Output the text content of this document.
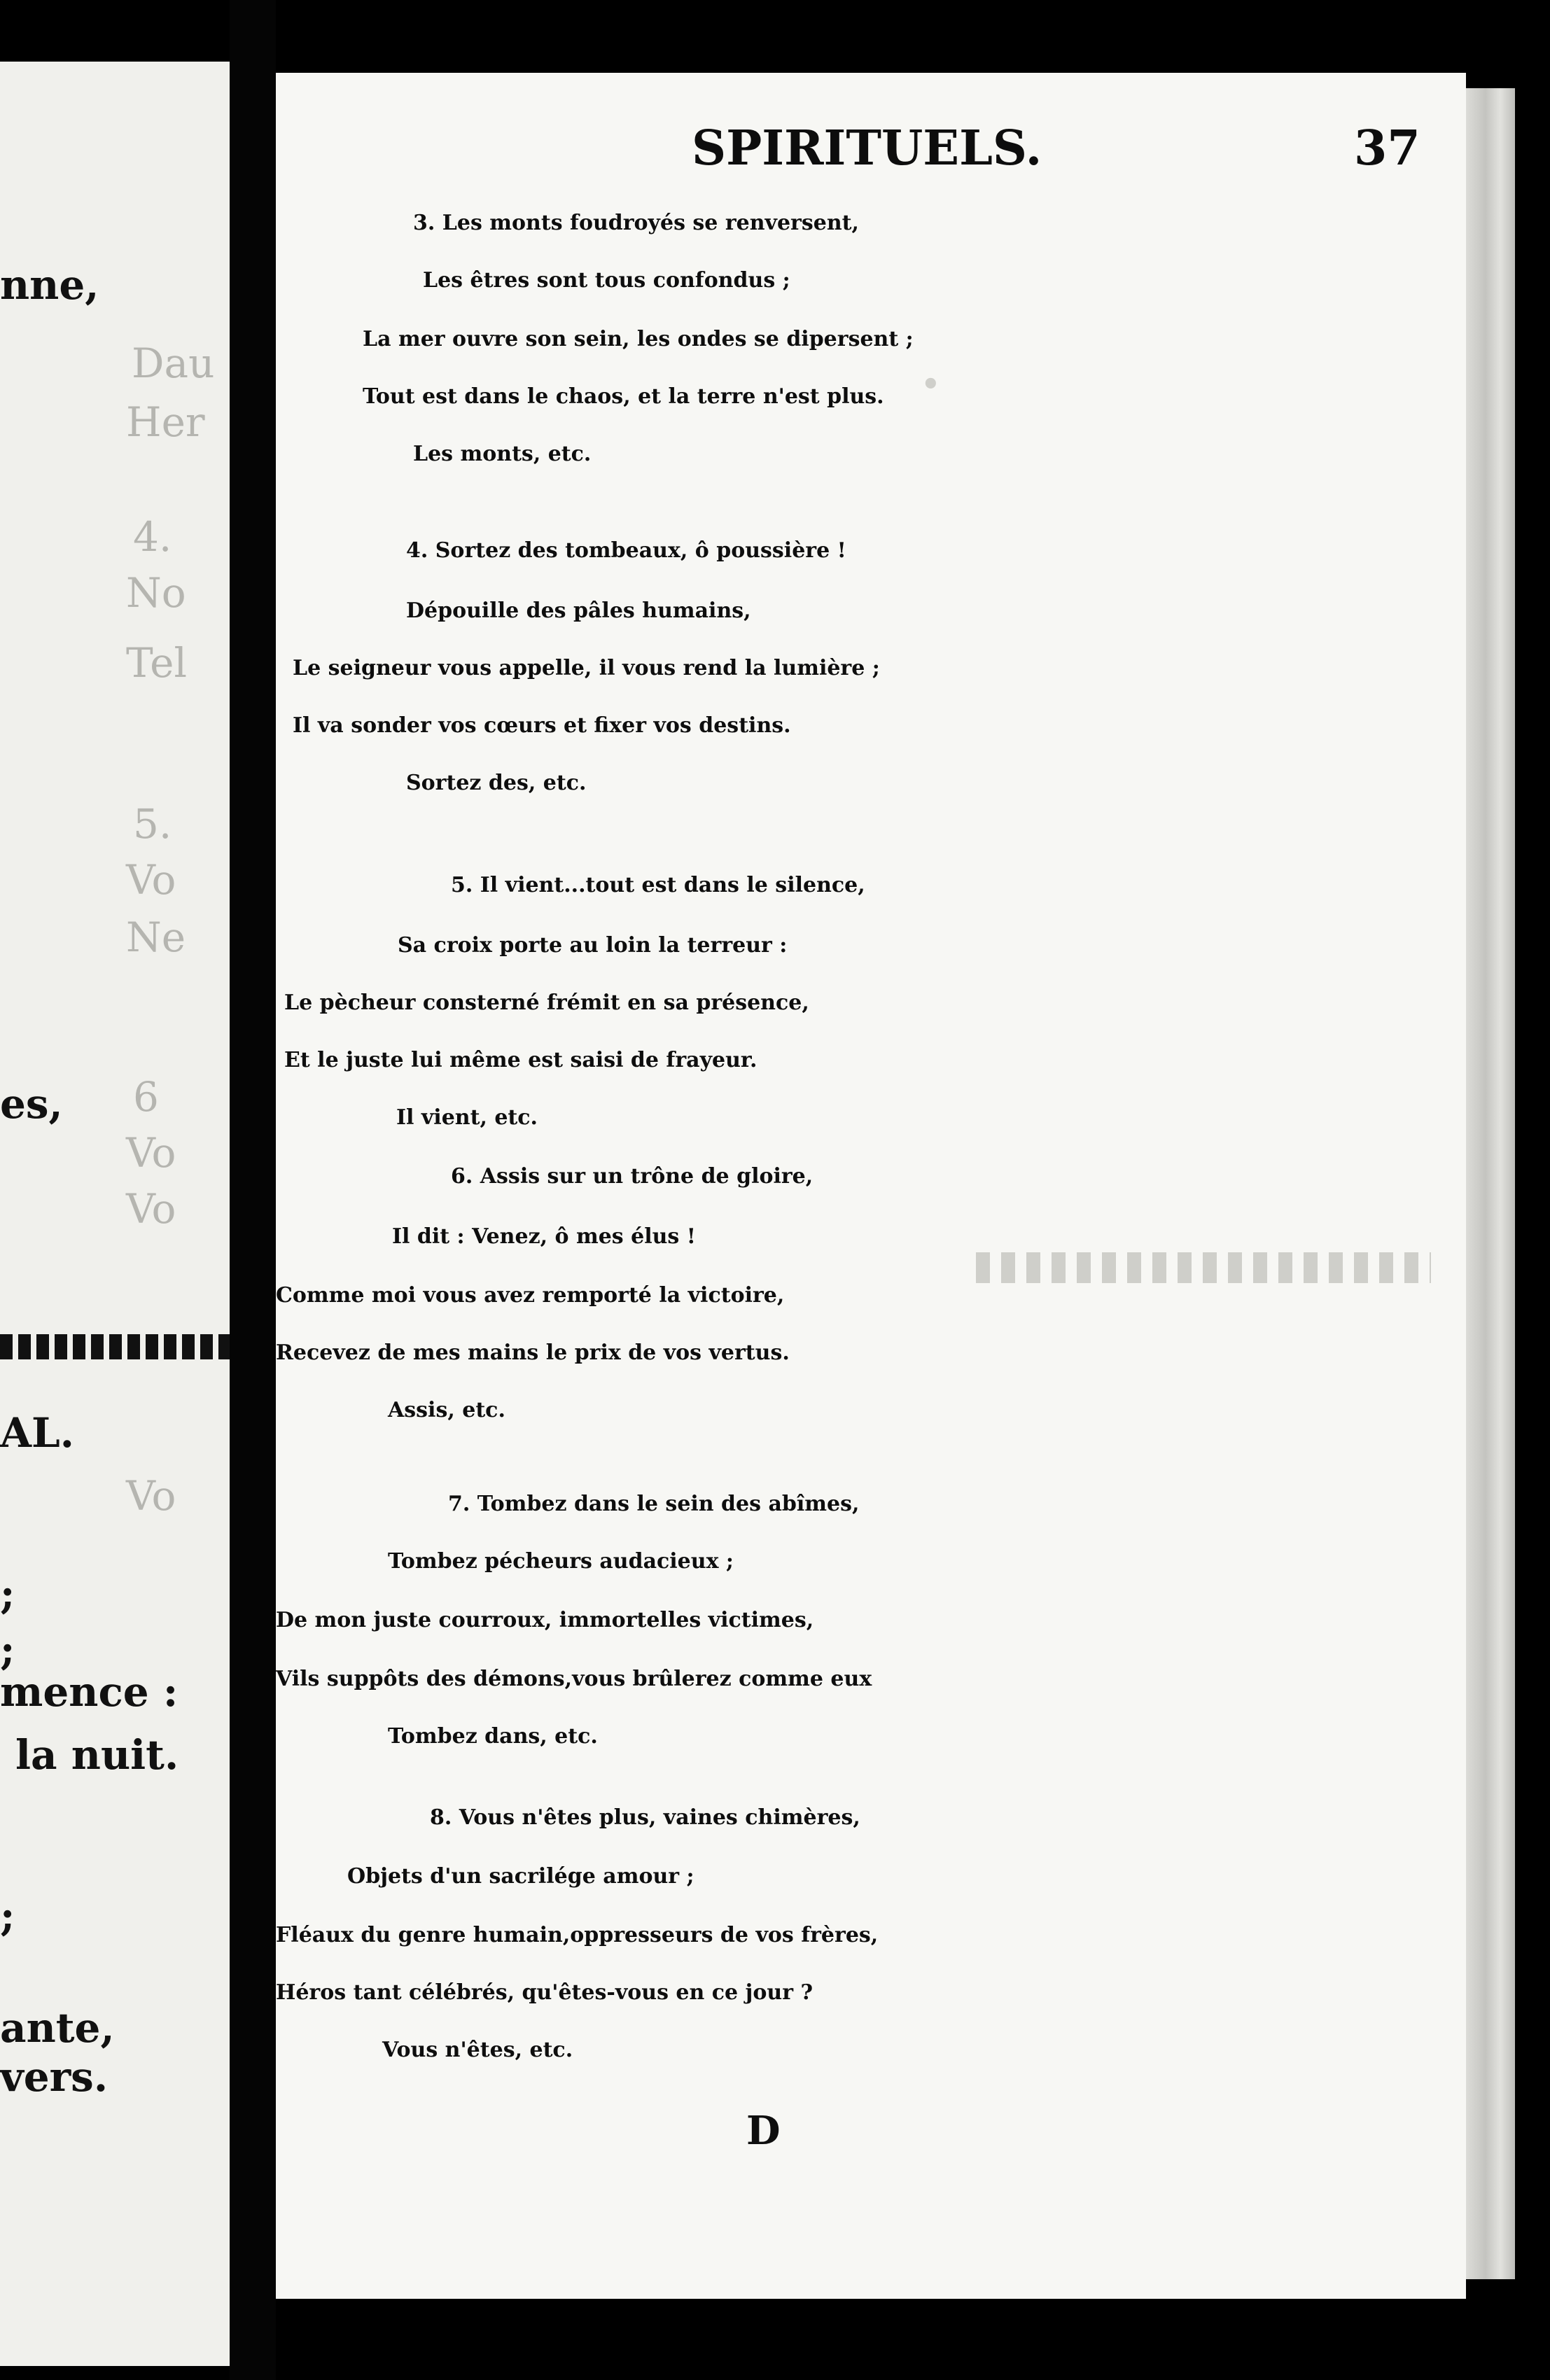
nne,
Dau
Her
4.
No
Tel
5.
Vo
Ne
es, 6
Vo
Vo
AL.
Vo
;
;
mence :
la nuit.
;
ante,
vers.
SPIRITUELS.	37
•
3. Les monts foudroyés se renversent,
Les êtres sont tous confondus ;
La mer ouvre son sein, les ondes se dipersent ;
Tout est dans le chaos, et la terre n'est plus.
Les monts, etc.
4. Sortez des tombeaux, ô poussière !
Dépouille des pâles humains,
Le seigneur vous appelle, il vous rend la lumière ;
Il va sonder vos cœurs et fixer vos destins.
Sortez des, etc.
5. Il vient...tout est dans le silence,
Sa croix porte au loin la terreur :
Le pècheur consterné frémit en sa présence,
Et le juste lui même est saisi de frayeur.
Il vient, etc.
6. Assis sur un trône de gloire,
Il dit : Venez, ô mes élus !
Comme moi vous avez remporté la victoire,
Recevez de mes mains le prix de vos vertus.
Assis, etc.
7. Tombez dans le sein des abîmes,
Tombez pécheurs audacieux ;
De mon juste courroux, immortelles victimes,
Vils suppôts des démons,vous brûlerez comme eux
Tombez dans, etc.
8. Vous n'êtes plus, vaines chimères,
Objets d'un sacrilége amour ;
Fléaux du genre humain,oppresseurs de vos frères,
Héros tant célébrés, qu'êtes-vous en ce jour ?
Vous n'êtes, etc.
D
